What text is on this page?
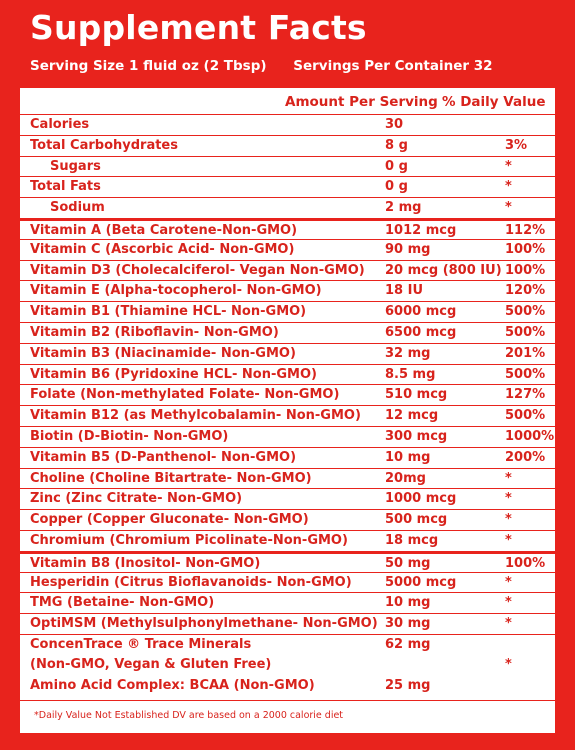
Supplement Facts
Serving Size 1 fluid oz (2 Tbsp) Servings Per Container 32
Amount Per Serving % Daily Value
Calories	30
Total Carbohydrates	8 g	3%
Sugars	0 g	*
Total Fats	0 g	*
Sodium	2 mg	*
Vitamin A (Beta Carotene-Non-GMO)	1012 mcg	112%
Vitamin C (Ascorbic Acid- Non-GMO)	90 mg	100%
Vitamin D3 (Cholecalciferol- Vegan Non-GMO) 20 mcg (800 IU) 100%
Vitamin E (Alpha-tocopherol- Non-GMO)	18 IU	120%
Vitamin B1 (Thiamine HCL- Non-GMO)	6000 mcg	500%
Vitamin B2 (Riboflavin- Non-GMO)	6500 mcg	500%
Vitamin B3 (Niacinamide- Non-GMO)	32 mg	201%
Vitamin B6 (Pyridoxine HCL- Non-GMO)	8.5 mg	500%
Folate (Non-methylated Folate- Non-GMO)	510 mcg	127%
Vitamin B12 (as Methylcobalamin- Non-GMO) 12 mcg	500%
Biotin (D-Biotin- Non-GMO)	300 mcg	1000%
Vitamin B5 (D-Panthenol- Non-GMO)	10 mg	200%
Choline (Choline Bitartrate- Non-GMO)	20mg	*
Zinc (Zinc Citrate- Non-GMO)	1000 mcg	*
Copper (Copper Gluconate- Non-GMO)	500 mcg	*
Chromium (Chromium Picolinate-Non-GMO)	18 mcg	*
Vitamin B8 (Inositol- Non-GMO)	50 mg	100%
Hesperidin (Citrus Bioflavanoids- Non-GMO)	5000 mcg	*
TMG (Betaine- Non-GMO)	10 mg	*
OptiMSM (Methylsulphonylmethane- Non-GMO) 30 mg	*
ConcenTrace ® Trace Minerals	62 mg
(Non-GMO, Vegan & Gluten Free)	*
Amino Acid Complex: BCAA (Non-GMO)	25 mg
*Daily Value Not Established DV are based on a 2000 calorie diet
